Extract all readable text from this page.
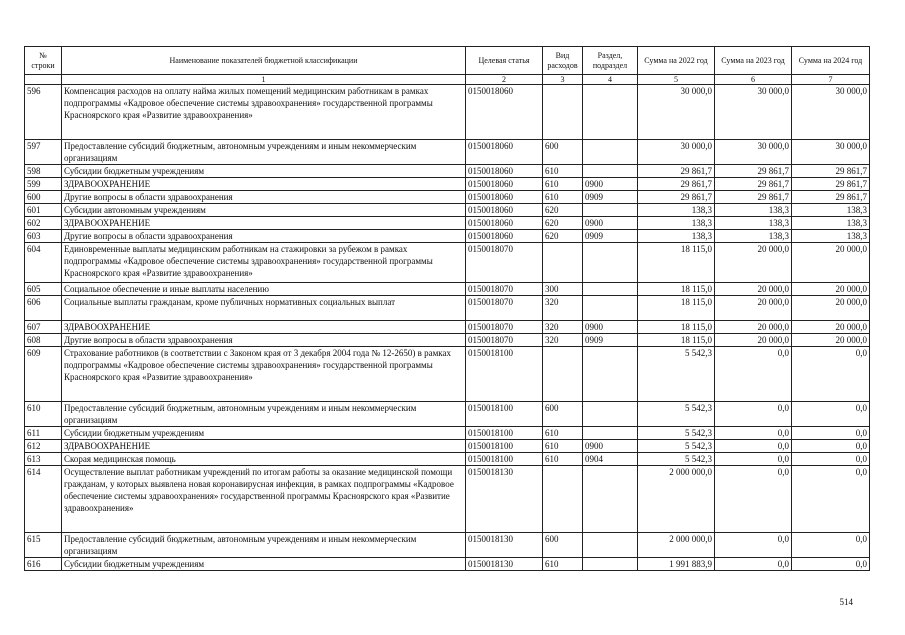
№ строки	Наименование показателей бюджетной классификации	Целевая статья	Вид расходов	Раздел, подраздел	Сумма на 2022 год	Сумма на 2023 год	Сумма на 2024 год
	1	2	3	4	5	6	7
596	Компенсация расходов на оплату найма жилых помещений медицинским работникам в рамках подпрограммы «Кадровое обеспечение системы здравоохранения» государственной программы Красноярского края «Развитие здравоохранения»	0150018060			30 000,0	30 000,0	30 000,0
597	Предоставление субсидий бюджетным, автономным учреждениям и иным некоммерческим организациям	0150018060	600		30 000,0	30 000,0	30 000,0
598	Субсидии бюджетным учреждениям	0150018060	610		29 861,7	29 861,7	29 861,7
599	ЗДРАВООХРАНЕНИЕ	0150018060	610	0900	29 861,7	29 861,7	29 861,7
600	Другие вопросы в области здравоохранения	0150018060	610	0909	29 861,7	29 861,7	29 861,7
601	Субсидии автономным учреждениям	0150018060	620		138,3	138,3	138,3
602	ЗДРАВООХРАНЕНИЕ	0150018060	620	0900	138,3	138,3	138,3
603	Другие вопросы в области здравоохранения	0150018060	620	0909	138,3	138,3	138,3
604	Единовременные выплаты медицинским работникам на стажировки за рубежом в рамках подпрограммы «Кадровое обеспечение системы здравоохранения» государственной программы Красноярского края «Развитие здравоохранения»	0150018070			18 115,0	20 000,0	20 000,0
605	Социальное обеспечение и иные выплаты населению	0150018070	300		18 115,0	20 000,0	20 000,0
606	Социальные выплаты гражданам, кроме публичных нормативных социальных выплат	0150018070	320		18 115,0	20 000,0	20 000,0
607	ЗДРАВООХРАНЕНИЕ	0150018070	320	0900	18 115,0	20 000,0	20 000,0
608	Другие вопросы в области здравоохранения	0150018070	320	0909	18 115,0	20 000,0	20 000,0
609	Страхование работников (в соответствии с Законом края от 3 декабря 2004 года № 12-2650) в рамках подпрограммы «Кадровое обеспечение системы здравоохранения» государственной программы Красноярского края «Развитие здравоохранения»	0150018100			5 542,3	0,0	0,0
610	Предоставление субсидий бюджетным, автономным учреждениям и иным некоммерческим организациям	0150018100	600		5 542,3	0,0	0,0
611	Субсидии бюджетным учреждениям	0150018100	610		5 542,3	0,0	0,0
612	ЗДРАВООХРАНЕНИЕ	0150018100	610	0900	5 542,3	0,0	0,0
613	Скорая медицинская помощь	0150018100	610	0904	5 542,3	0,0	0,0
614	Осуществление выплат работникам учреждений по итогам работы за оказание медицинской помощи гражданам, у которых выявлена новая коронавирусная инфекция, в рамках подпрограммы «Кадровое обеспечение системы здравоохранения» государственной программы Красноярского края «Развитие здравоохранения»	0150018130			2 000 000,0	0,0	0,0
615	Предоставление субсидий бюджетным, автономным учреждениям и иным некоммерческим организациям	0150018130	600		2 000 000,0	0,0	0,0
616	Субсидии бюджетным учреждениям	0150018130	610		1 991 883,9	0,0	0,0
514
